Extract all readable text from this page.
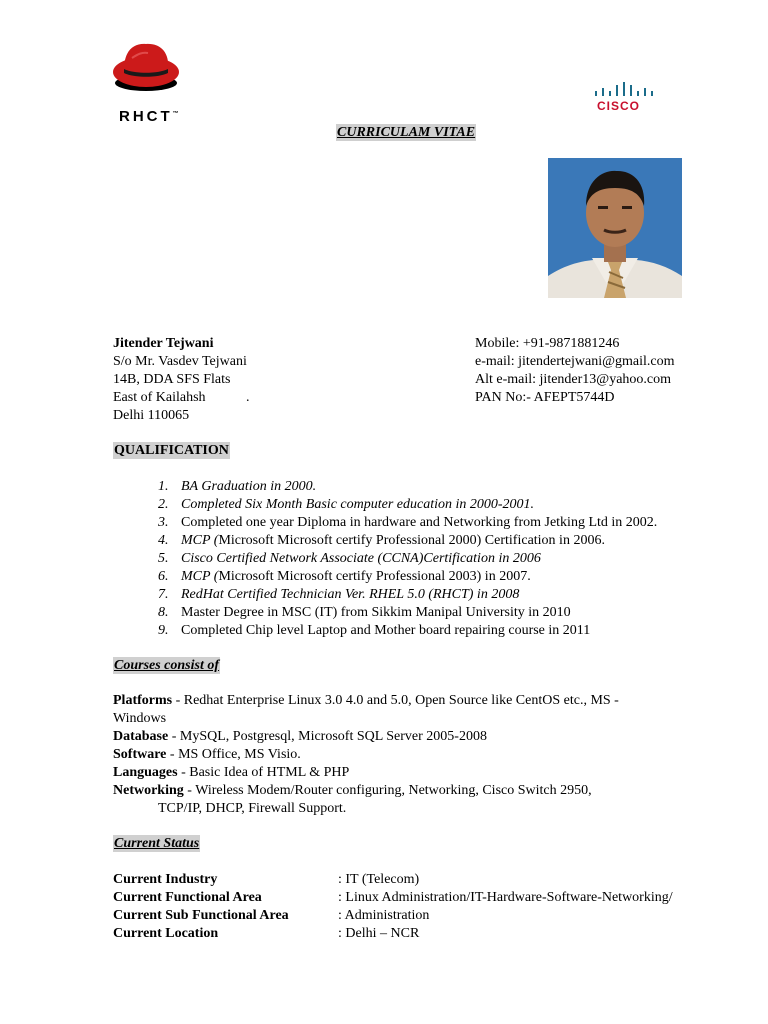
RHCT™
CISCO
CURRICULAM VITAE
Jitender Tejwani
S/o Mr. Vasdev Tejwani
14B, DDA SFS Flats
East of Kailahsh	.
Delhi 110065
Mobile: +91-9871881246
e-mail: jitendertejwani@gmail.com
Alt e-mail: jitender13@yahoo.com
PAN No:- AFEPT5744D
QUALIFICATION
1. BA Graduation in 2000.
2. Completed Six Month Basic computer education in 2000-2001.
3. Completed one year Diploma in hardware and Networking from Jetking Ltd in 2002.
4. MCP (Microsoft Microsoft certify Professional 2000) Certification in 2006.
5. Cisco Certified Network Associate (CCNA)Certification in 2006
6. MCP (Microsoft Microsoft certify Professional 2003) in 2007.
7. RedHat Certified Technician Ver. RHEL 5.0 (RHCT) in 2008
8. Master Degree in MSC (IT) from Sikkim Manipal University in 2010
9. Completed Chip level Laptop and Mother board repairing course in 2011
Courses consist of
Platforms - Redhat Enterprise Linux 3.0 4.0 and 5.0, Open Source like CentOS etc., MS -
Windows
Database - MySQL, Postgresql, Microsoft SQL Server 2005-2008
Software - MS Office, MS Visio.
Languages - Basic Idea of HTML & PHP
Networking - Wireless Modem/Router configuring, Networking, Cisco Switch 2950,
TCP/IP, DHCP, Firewall Support.
Current Status
Current Industry	: IT (Telecom)
Current Functional Area	: Linux Administration/IT-Hardware-Software-Networking/
Current Sub Functional Area	: Administration
Current Location	: Delhi – NCR
